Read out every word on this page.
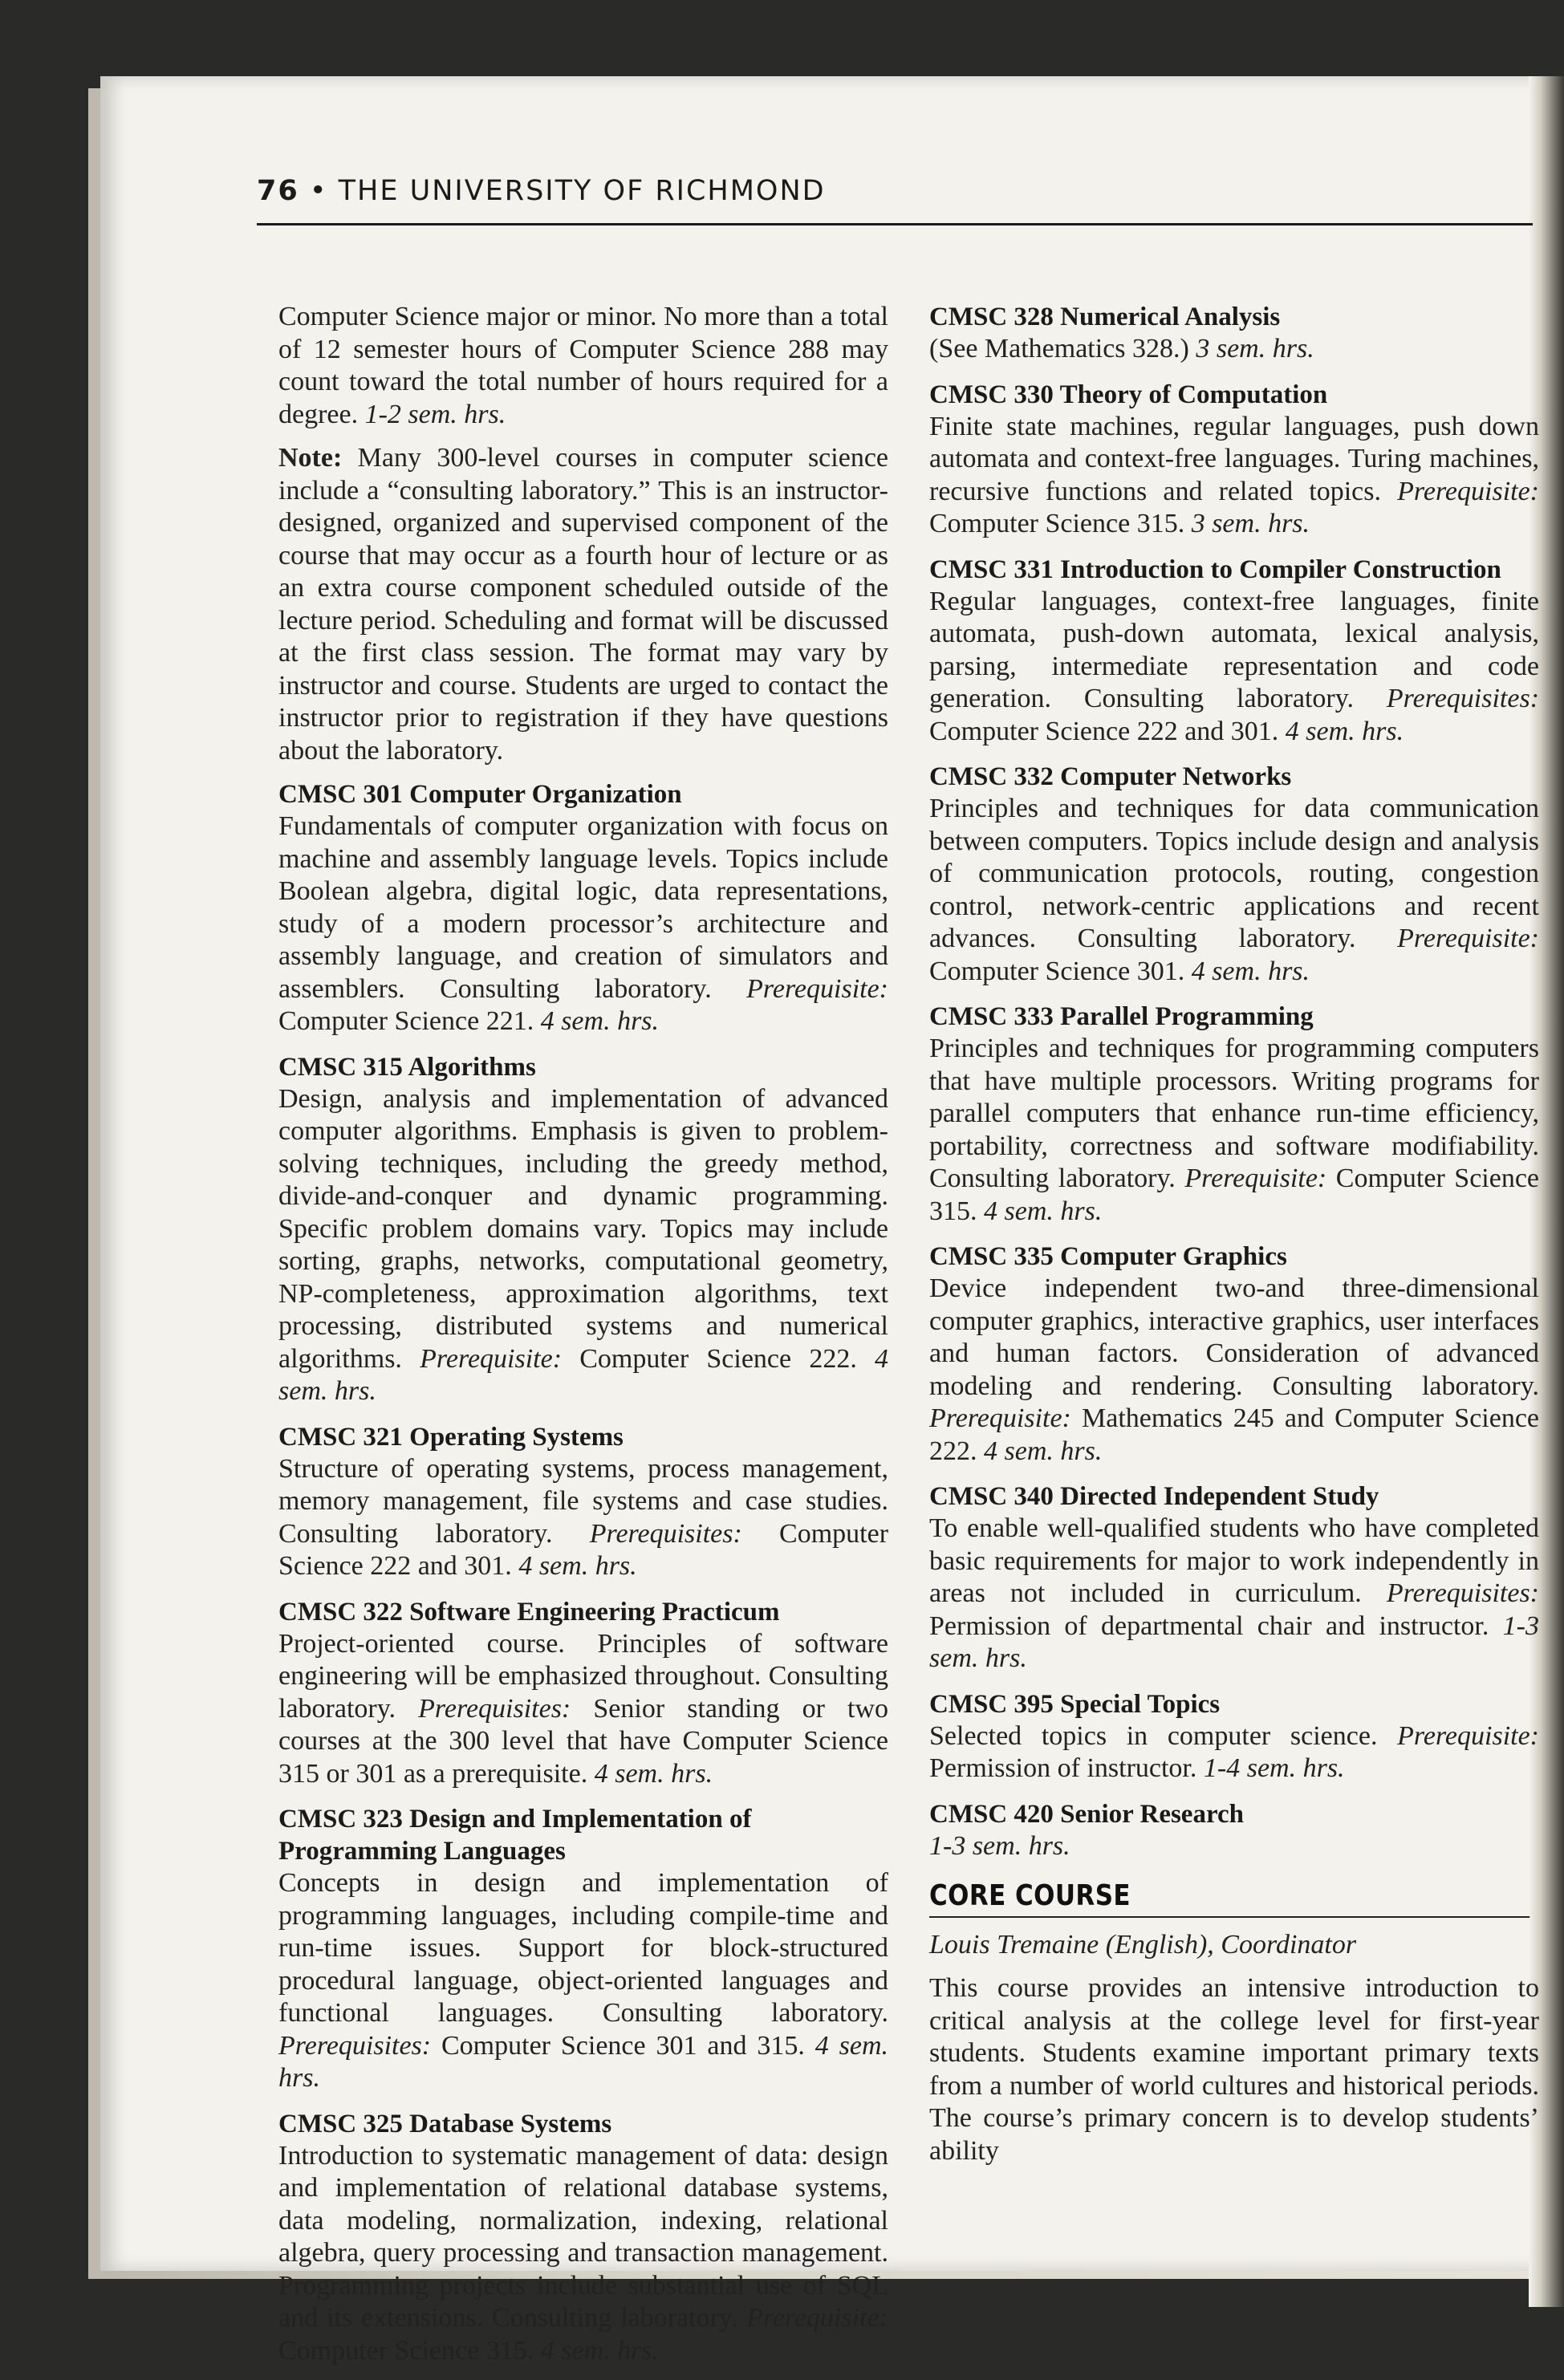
76 • THE UNIVERSITY OF RICHMOND

Computer Science major or minor. No more than a total of 12 semester hours of Computer Science 288 may count toward the total number of hours required for a degree. 1-2 sem. hrs.

Note: Many 300-level courses in computer science include a “consulting laboratory.” This is an instructor-designed, organized and supervised component of the course that may occur as a fourth hour of lecture or as an extra course component scheduled outside of the lecture period. Scheduling and format will be discussed at the first class session. The format may vary by instructor and course. Students are urged to contact the instructor prior to registration if they have questions about the laboratory.

CMSC 301 Computer Organization

Fundamentals of computer organization with focus on machine and assembly language levels. Topics include Boolean algebra, digital logic, data representations, study of a modern processor’s architecture and assembly language, and creation of simulators and assemblers. Consulting laboratory. Prerequisite: Computer Science 221. 4 sem. hrs.

CMSC 315 Algorithms

Design, analysis and implementation of advanced computer algorithms. Emphasis is given to problem-solving techniques, including the greedy method, divide-and-conquer and dynamic programming. Specific problem domains vary. Topics may include sorting, graphs, networks, computational geometry, NP-completeness, approximation algorithms, text processing, distributed systems and numerical algorithms. Prerequisite: Computer Science 222. 4 sem. hrs.

CMSC 321 Operating Systems

Structure of operating systems, process management, memory management, file systems and case studies. Consulting laboratory. Prerequisites: Computer Science 222 and 301. 4 sem. hrs.

CMSC 322 Software Engineering Practicum

Project-oriented course. Principles of software engineering will be emphasized throughout. Consulting laboratory. Prerequisites: Senior standing or two courses at the 300 level that have Computer Science 315 or 301 as a prerequisite. 4 sem. hrs.

CMSC 323 Design and Implementation of Programming Languages

Concepts in design and implementation of programming languages, including compile-time and run-time issues. Support for block-structured procedural language, object-oriented languages and functional languages. Consulting laboratory. Prerequisites: Computer Science 301 and 315. 4 sem. hrs.

CMSC 325 Database Systems

Introduction to systematic management of data: design and implementation of relational database systems, data modeling, normalization, indexing, relational algebra, query processing and transaction management. Programming projects include substantial use of SQL and its extensions. Consulting laboratory. Prerequisite: Computer Science 315. 4 sem. hrs.

CMSC 328 Numerical Analysis

(See Mathematics 328.) 3 sem. hrs.

CMSC 330 Theory of Computation

Finite state machines, regular languages, push down automata and context-free languages. Turing machines, recursive functions and related topics. Prerequisite: Computer Science 315. 3 sem. hrs.

CMSC 331 Introduction to Compiler Construction

Regular languages, context-free languages, finite automata, push-down automata, lexical analysis, parsing, intermediate representation and code generation. Consulting laboratory. Prerequisites: Computer Science 222 and 301. 4 sem. hrs.

CMSC 332 Computer Networks

Principles and techniques for data communication between computers. Topics include design and analysis of communication protocols, routing, congestion control, network-centric applications and recent advances. Consulting laboratory. Prerequisite: Computer Science 301. 4 sem. hrs.

CMSC 333 Parallel Programming

Principles and techniques for programming computers that have multiple processors. Writing programs for parallel computers that enhance run-time efficiency, portability, correctness and software modifiability. Consulting laboratory. Prerequisite: Computer Science 315. 4 sem. hrs.

CMSC 335 Computer Graphics

Device independent two-and three-dimensional computer graphics, interactive graphics, user interfaces and human factors. Consideration of advanced modeling and rendering. Consulting laboratory. Prerequisite: Mathematics 245 and Computer Science 222. 4 sem. hrs.

CMSC 340 Directed Independent Study

To enable well-qualified students who have completed basic requirements for major to work independently in areas not included in curriculum. Prerequisites: Permission of departmental chair and instructor. 1-3 sem. hrs.

CMSC 395 Special Topics

Selected topics in computer science. Prerequisite: Permission of instructor. 1-4 sem. hrs.

CMSC 420 Senior Research

1-3 sem. hrs.

CORE COURSE
Louis Tremaine (English), Coordinator

This course provides an intensive introduction to critical analysis at the college level for first-year students. Students examine important primary texts from a number of world cultures and historical periods. The course’s primary concern is to develop students’ ability
